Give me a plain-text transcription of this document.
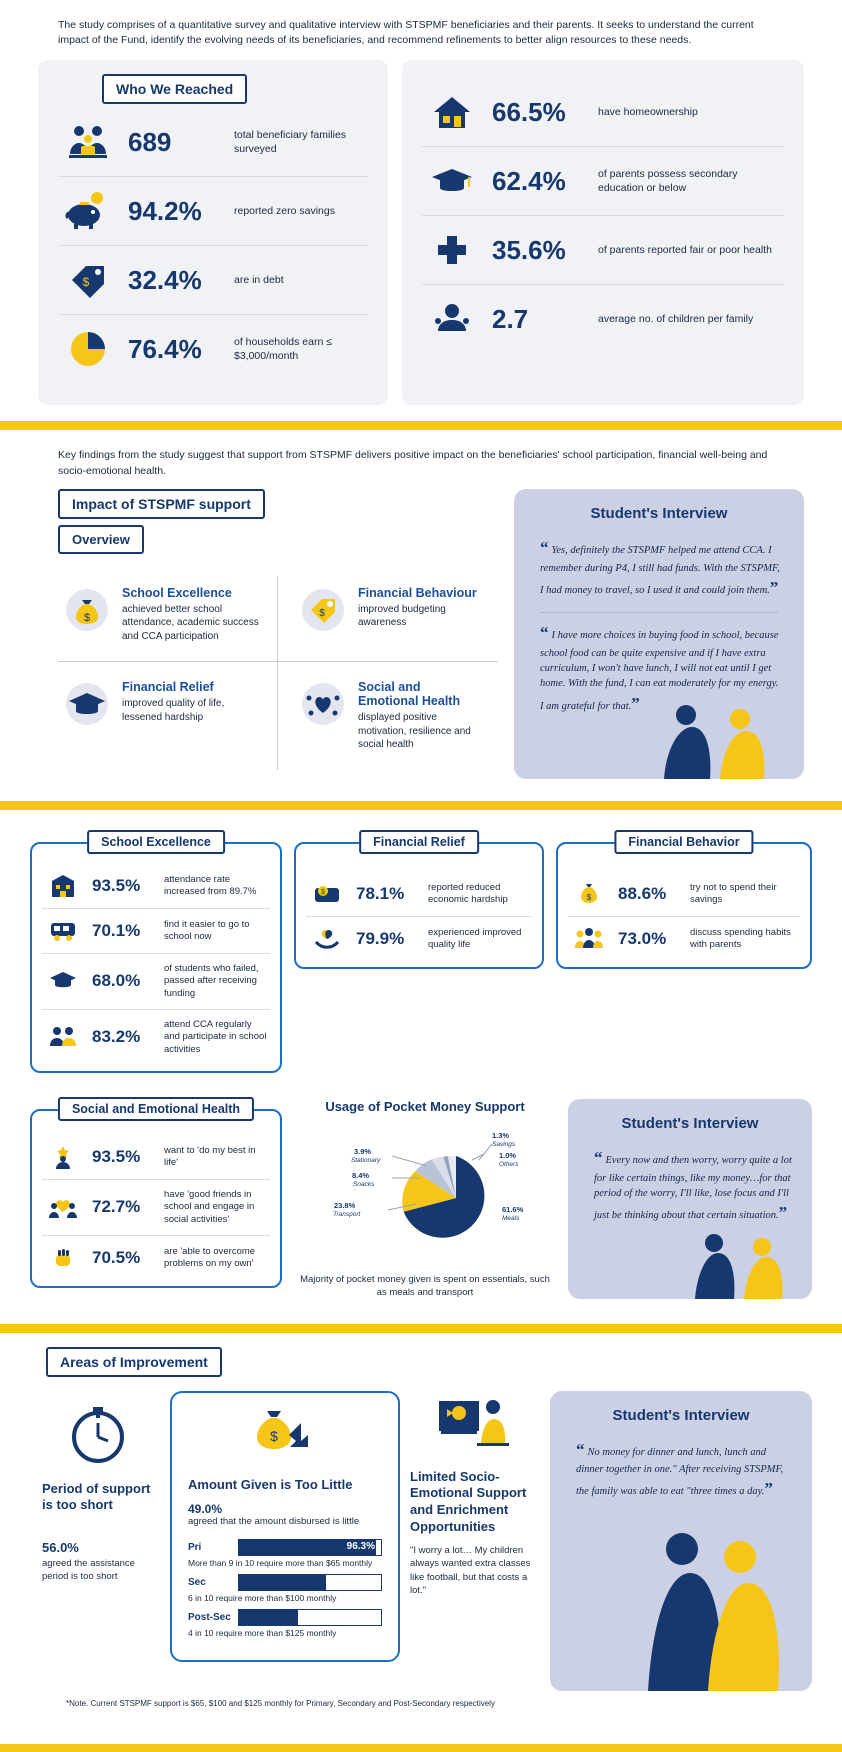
The study comprises of a quantitative survey and qualitative interview with STSPMF beneficiaries and their parents. It seeks to understand the current impact of the Fund, identify the evolving needs of its beneficiaries, and recommend refinements to better align resources to these needs.
Who We Reached
689	total beneficiary families surveyed
94.2%	reported zero savings
$ 32.4%	are in debt
76.4%	of households earn ≤ $3,000/month
66.5%	have homeownership
62.4%	of parents possess secondary education or below
35.6%	of parents reported fair or poor health
2.7	average no. of children per family
Key findings from the study suggest that support from STSPMF delivers positive impact on the beneficiaries' school participation, financial well-being and socio-emotional health.
Impact of STSPMF support
Overview
$
School Excellence

achieved better school attendance, academic success and CCA participation

$
Financial Behaviour

improved budgeting awareness

Financial Relief

improved quality of life, lessened hardship

Social and Emotional Health

displayed positive motivation, resilience and social health

Student's Interview
“ Yes, definitely the STSPMF helped me attend CCA. I remember during P4, I still had funds. With the STSPMF, I had money to travel, so I used it and could join them.”
“ I have more choices in buying food in school, because school food can be quite expensive and if I have extra curriculum, I won't have lunch, I will not eat until I get home. With the fund, I can eat moderately for my energy. I am grateful for that.”
School Excellence
93.5%	attendance rate increased from 89.7%
70.1%	find it easier to go to school now
68.0%
of students who failed, passed after receiving funding
83.2%
attend CCA regularly and participate in school activities
Financial Relief
$ 78.1%	reported reduced economic hardship
79.9%	experienced improved quality life
Financial Behavior
$ 88.6%	try not to spend their savings
73.0%	discuss spending habits with parents
Social and Emotional Health
93.5%	want to 'do my best in life'
72.7%
have 'good friends in school and engage in social activities'
70.5%	are 'able to overcome problems on my own'
Usage of Pocket Money Support
3.9%
Stationary
8.4%
Snacks
23.8%
Transport
1.3%
Savings
1.0%
Others
61.6%
Meals
Majority of pocket money given is spent on essentials, such as meals and transport
Student's Interview
“ Every now and then worry, worry quite a lot for like certain things, like my money…for that period of the worry, I'll like, lose focus and I'll just be thinking about that certain situation.”
Areas of Improvement
Period of support is too short
56.0%
agreed the assistance period is too short
$
Amount Given is Too Little
49.0%
agreed that the amount disbursed is little
Pri	96.3%
More than 9 in 10 require more than $65 monthly
Sec	61.5%
6 in 10 require more than $100 monthly
Post-Sec	41.7%
4 in 10 require more than $125 monthly
Limited Socio-Emotional Support and Enrichment Opportunities

"I worry a lot… My children always wanted extra classes like football, but that costs a lot."

Student's Interview
“ No money for dinner and lunch, lunch and dinner together in one." After receiving STSPMF, the family was able to eat "three times a day.”
*Note. Current STSPMF support is $65, $100 and $125 monthly for Primary, Secondary and Post-Secondary respectively
